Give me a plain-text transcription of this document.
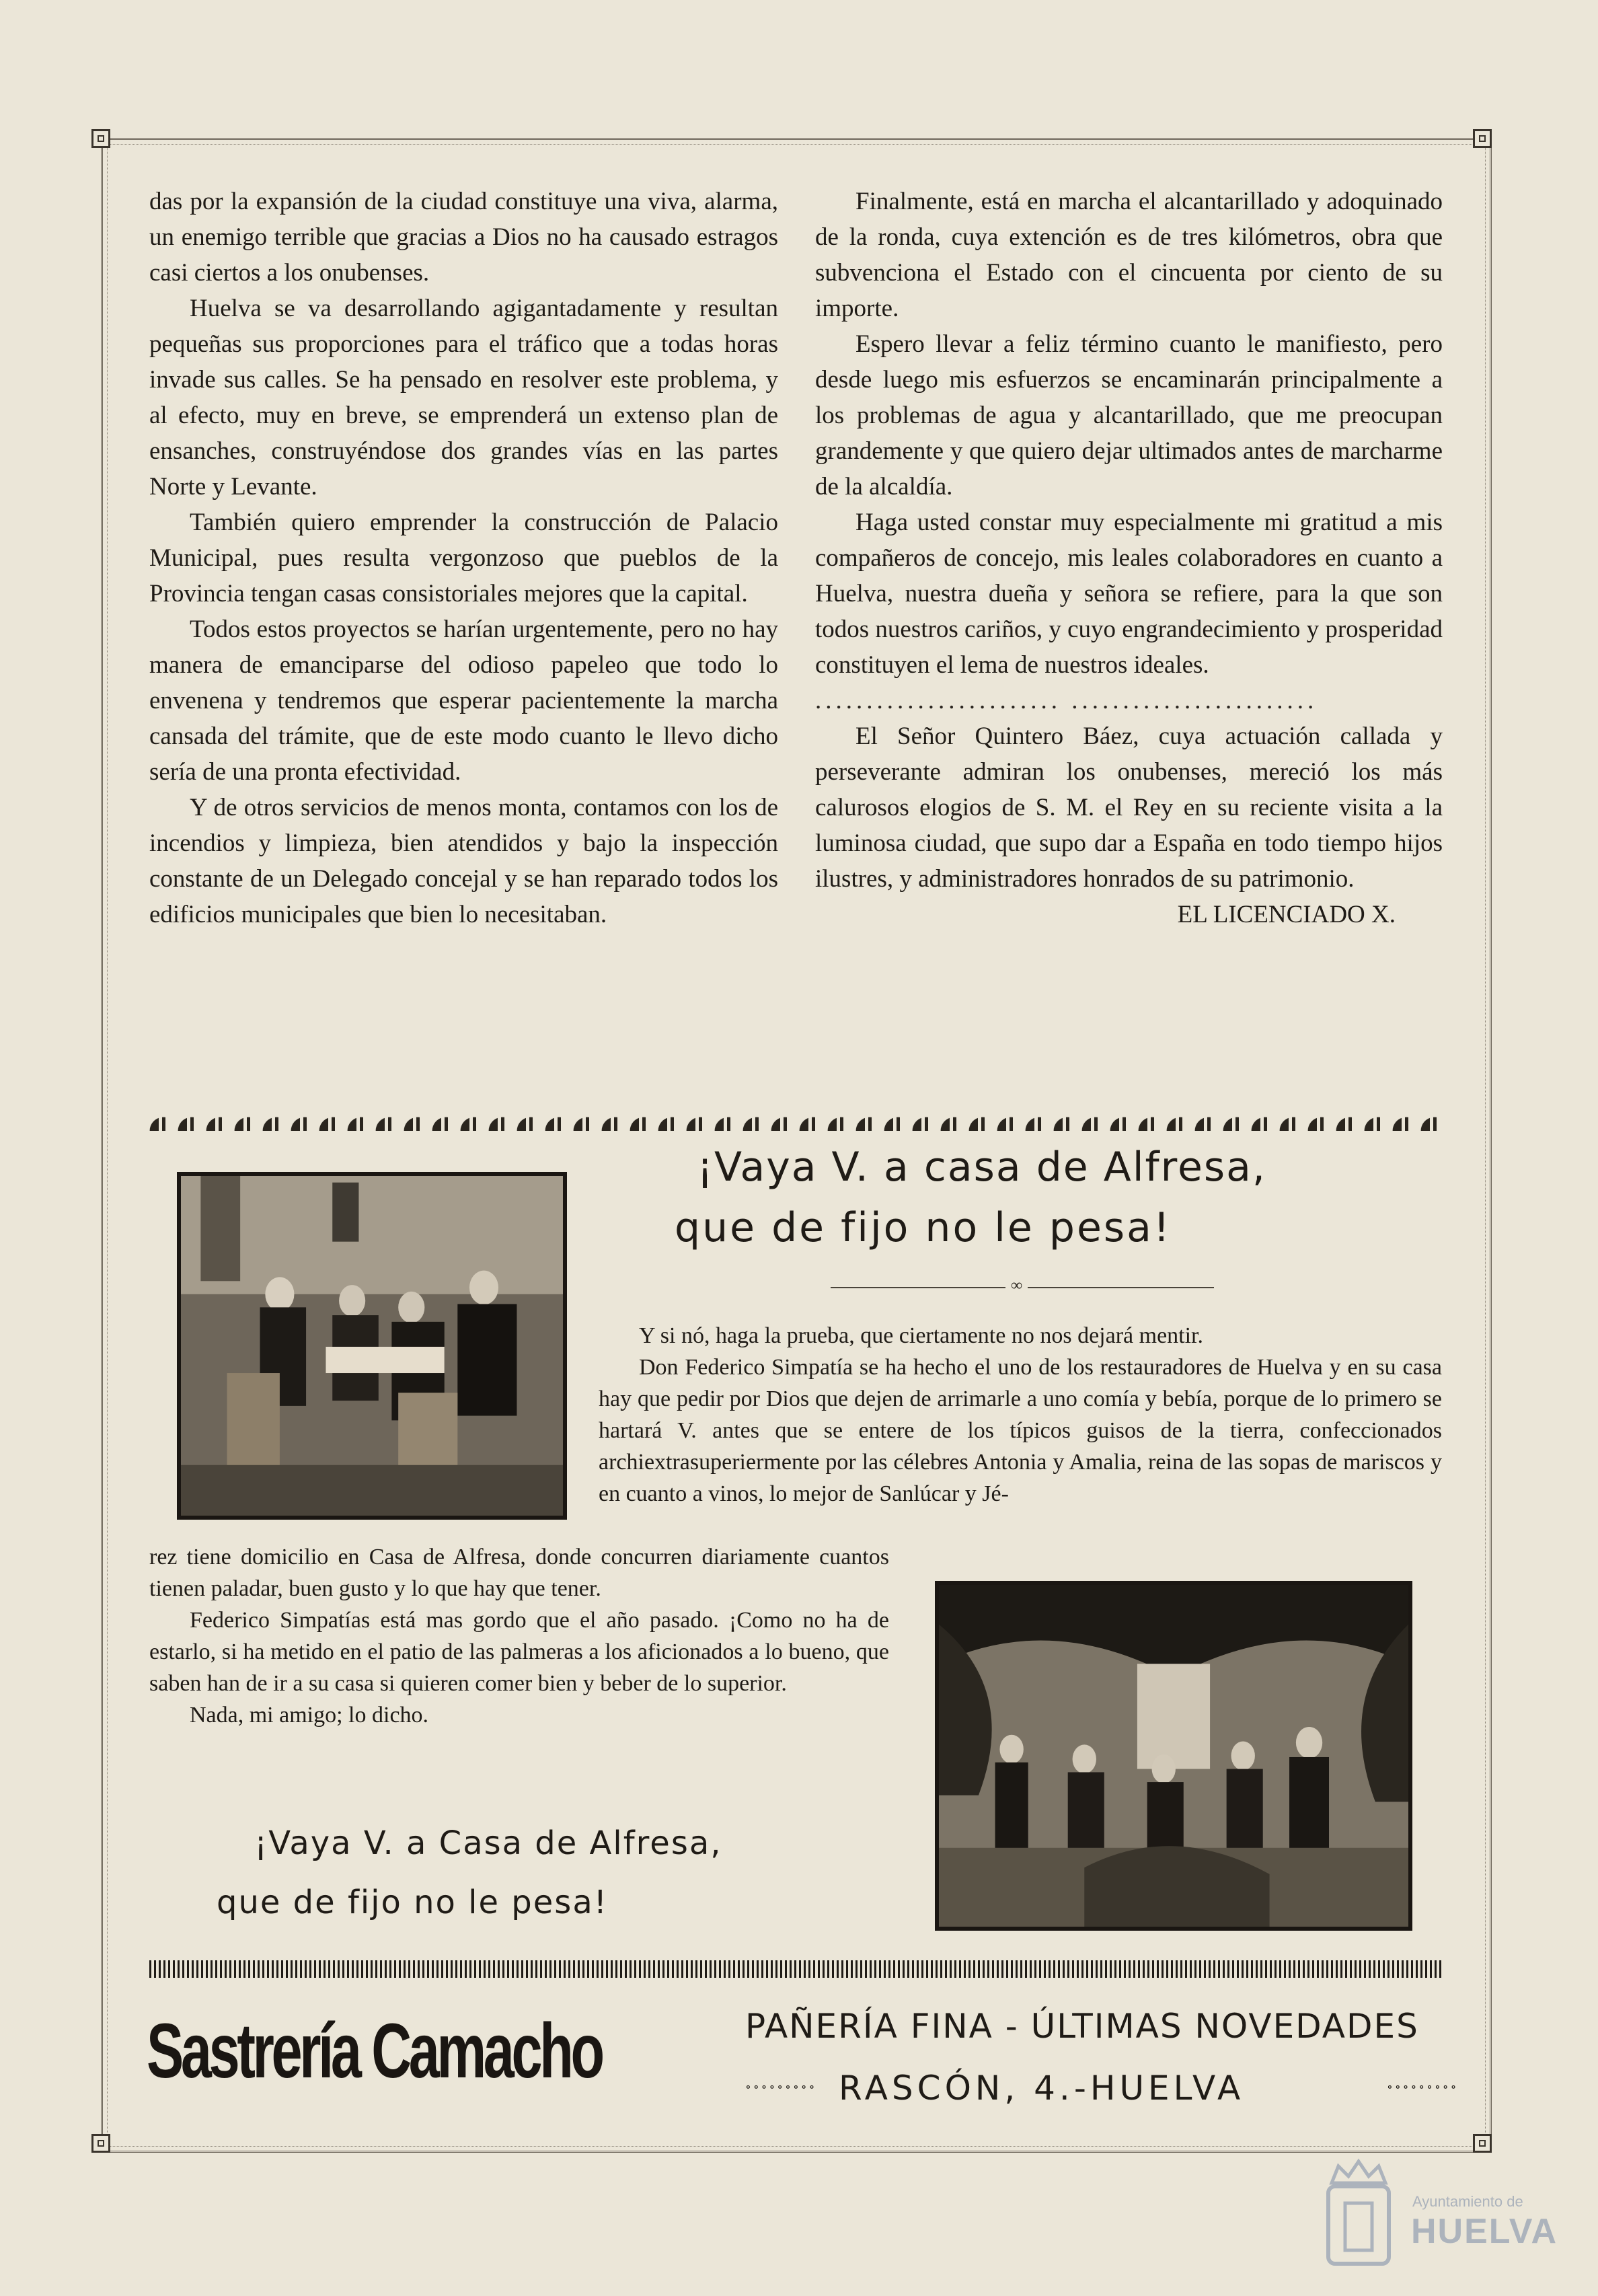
das por la expansión de la ciudad constituye una viva, alarma, un enemigo terrible que gracias a Dios no ha causado estragos casi ciertos a los onubenses.

Huelva se va desarrollando agigantadamente y resultan pequeñas sus proporciones para el tráfico que a todas horas invade sus calles. Se ha pensado en resolver este problema, y al efecto, muy en breve, se emprenderá un extenso plan de ensanches, construyéndose dos grandes vías en las partes Norte y Levante.

También quiero emprender la construcción de Palacio Municipal, pues resulta vergonzoso que pueblos de la Provincia tengan casas consistoriales mejores que la capital.

Todos estos proyectos se harían urgentemente, pero no hay manera de emanciparse del odioso papeleo que todo lo envenena y tendremos que esperar pacientemente la marcha cansada del trámite, que de este modo cuanto le llevo dicho sería de una pronta efectividad.

Y de otros servicios de menos monta, contamos con los de incendios y limpieza, bien atendidos y bajo la inspección constante de un Delegado concejal y se han reparado todos los edificios municipales que bien lo necesitaban.

Finalmente, está en marcha el alcantarillado y adoquinado de la ronda, cuya extención es de tres kilómetros, obra que subvenciona el Estado con el cincuenta por ciento de su importe.

Espero llevar a feliz término cuanto le manifiesto, pero desde luego mis esfuerzos se encaminarán principalmente a los problemas de agua y alcantarillado, que me preocupan grandemente y que quiero dejar ultimados antes de marcharme de la alcaldía.

Haga usted constar muy especialmente mi gratitud a mis compañeros de concejo, mis leales colaboradores en cuanto a Huelva, nuestra dueña y señora se refiere, para la que son todos nuestros cariños, y cuyo engrandecimiento y prosperidad constituyen el lema de nuestros ideales.

........................ ........................

El Señor Quintero Báez, cuya actuación callada y perseverante admiran los onubenses, mereció los más calurosos elogios de S. M. el Rey en su reciente visita a la luminosa ciudad, que supo dar a España en todo tiempo hijos ilustres, y administradores honrados de su patrimonio.

EL LICENCIADO X.

¡Vaya V. a casa de Alfresa,
que de fijo no le pesa!
∞

Y si nó, haga la prueba, que ciertamente no nos dejará mentir.

Don Federico Simpatía se ha hecho el uno de los restauradores de Huelva y en su casa hay que pedir por Dios que dejen de arrimarle a uno comía y bebía, porque de lo primero se hartará V. antes que se entere de los típicos guisos de la tierra, confeccionados archiextrasuperiermente por las célebres Antonia y Amalia, reina de las sopas de mariscos y en cuanto a vinos, lo mejor de Sanlúcar y Jé-

rez tiene domicilio en Casa de Alfresa, donde concurren diariamente cuantos tienen paladar, buen gusto y lo que hay que tener.

Federico Simpatías está mas gordo que el año pasado. ¡Como no ha de estarlo, si ha metido en el patio de las palmeras a los aficionados a lo bueno, que saben han de ir a su casa si quieren comer bien y beber de lo superior.

Nada, mi amigo; lo dicho.

¡Vaya V. a Casa de Alfresa,
que de fijo no le pesa!
Sastrería Camacho	PAÑERÍA FINA - ÚLTIMAS NOVEDADES
RASCÓN, 4.-HUELVA
∘∘∘∘∘∘∘∘∘	∘∘∘∘∘∘∘∘∘
Ayuntamiento de
HUELVA
